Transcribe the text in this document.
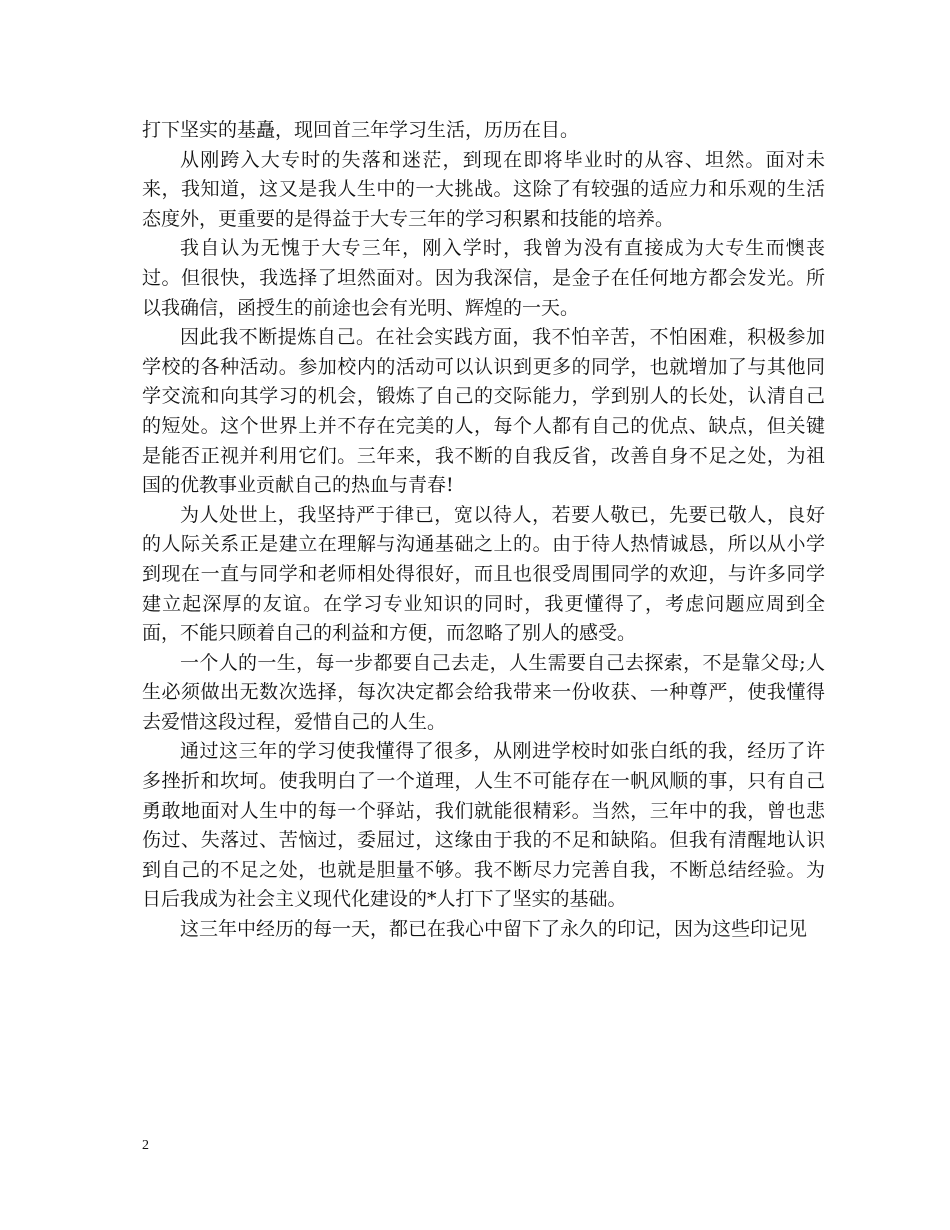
打下坚实的基矗，现回首三年学习生活，历历在目。

从刚跨入大专时的失落和迷茫，到现在即将毕业时的从容、坦然。面对未来，我知道，这又是我人生中的一大挑战。这除了有较强的适应力和乐观的生活态度外，更重要的是得益于大专三年的学习积累和技能的培养。

我自认为无愧于大专三年，刚入学时，我曾为没有直接成为大专生而懊丧过。但很快，我选择了坦然面对。因为我深信，是金子在任何地方都会发光。所以我确信，函授生的前途也会有光明、辉煌的一天。

因此我不断提炼自己。在社会实践方面，我不怕辛苦，不怕困难，积极参加学校的各种活动。参加校内的活动可以认识到更多的同学，也就增加了与其他同学交流和向其学习的机会，锻炼了自己的交际能力，学到别人的长处，认清自己的短处。这个世界上并不存在完美的人，每个人都有自己的优点、缺点，但关键是能否正视并利用它们。三年来，我不断的自我反省，改善自身不足之处，为祖国的优教事业贡献自己的热血与青春!

为人处世上，我坚持严于律已，宽以待人，若要人敬已，先要已敬人，良好的人际关系正是建立在理解与沟通基础之上的。由于待人热情诚恳，所以从小学到现在一直与同学和老师相处得很好，而且也很受周围同学的欢迎，与许多同学建立起深厚的友谊。在学习专业知识的同时，我更懂得了，考虑问题应周到全面，不能只顾着自己的利益和方便，而忽略了别人的感受。

一个人的一生，每一步都要自己去走，人生需要自己去探索，不是靠父母;人生必须做出无数次选择，每次决定都会给我带来一份收获、一种尊严，使我懂得去爱惜这段过程，爱惜自己的人生。

通过这三年的学习使我懂得了很多，从刚进学校时如张白纸的我，经历了许多挫折和坎坷。使我明白了一个道理，人生不可能存在一帆风顺的事，只有自己勇敢地面对人生中的每一个驿站，我们就能很精彩。当然，三年中的我，曾也悲伤过、失落过、苦恼过，委屈过，这缘由于我的不足和缺陷。但我有清醒地认识到自己的不足之处，也就是胆量不够。我不断尽力完善自我，不断总结经验。为日后我成为社会主义现代化建设的*人打下了坚实的基础。

这三年中经历的每一天，都已在我心中留下了永久的印记，因为这些印记见

2
